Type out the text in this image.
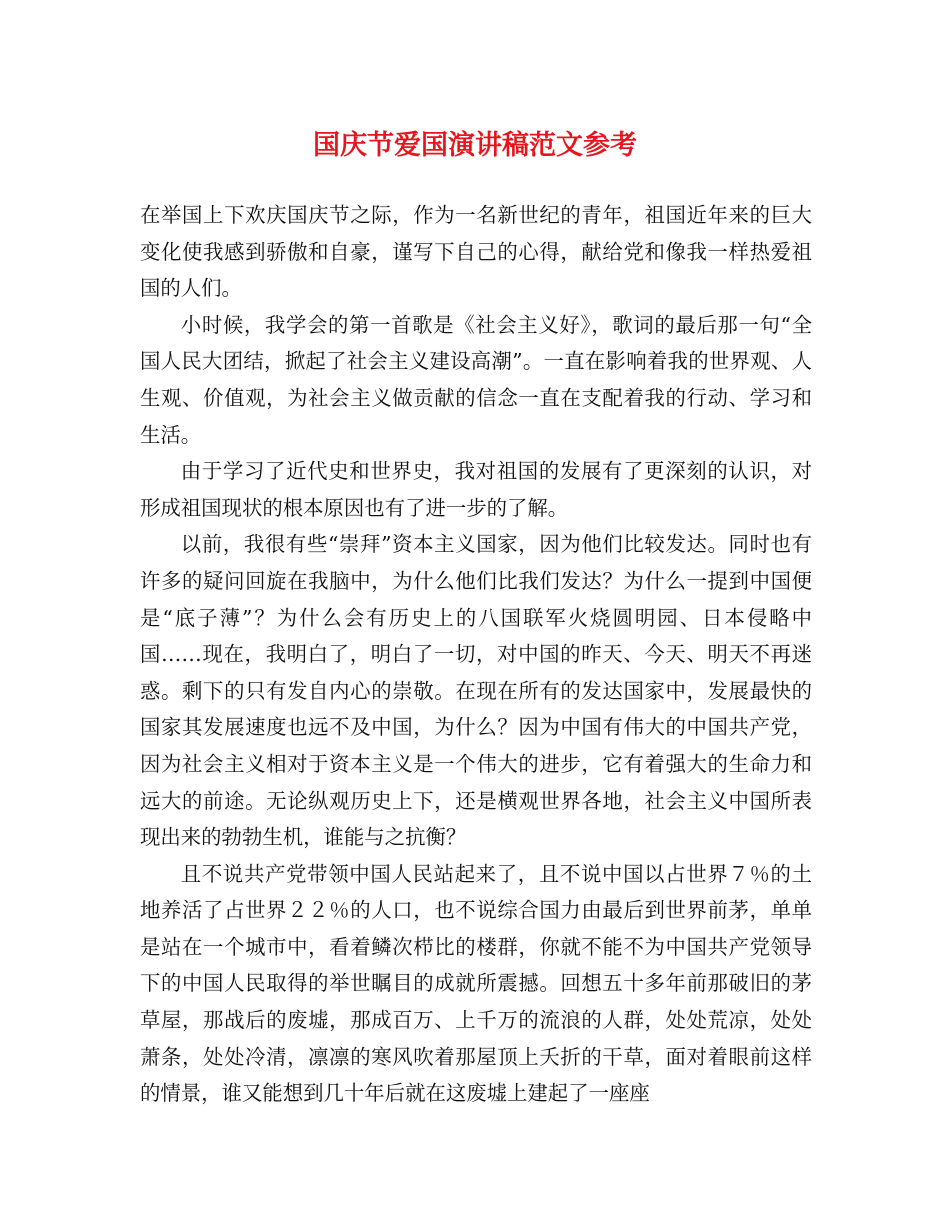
国庆节爱国演讲稿范文参考

在举国上下欢庆国庆节之际，作为一名新世纪的青年，祖国近年来的巨大变化使我感到骄傲和自豪，谨写下自己的心得，献给党和像我一样热爱祖国的人们。

小时候，我学会的第一首歌是《社会主义好》，歌词的最后那一句“全国人民大团结，掀起了社会主义建设高潮”。一直在影响着我的世界观、人生观、价值观，为社会主义做贡献的信念一直在支配着我的行动、学习和生活。

由于学习了近代史和世界史，我对祖国的发展有了更深刻的认识，对形成祖国现状的根本原因也有了进一步的了解。

以前，我很有些“崇拜”资本主义国家，因为他们比较发达。同时也有许多的疑问回旋在我脑中，为什么他们比我们发达？为什么一提到中国便是“底子薄”？为什么会有历史上的八国联军火烧圆明园、日本侵略中国……现在，我明白了，明白了一切，对中国的昨天、今天、明天不再迷惑。剩下的只有发自内心的崇敬。在现在所有的发达国家中，发展最快的国家其发展速度也远不及中国，为什么？因为中国有伟大的中国共产党，因为社会主义相对于资本主义是一个伟大的进步，它有着强大的生命力和远大的前途。无论纵观历史上下，还是横观世界各地，社会主义中国所表现出来的勃勃生机，谁能与之抗衡？

且不说共产党带领中国人民站起来了，且不说中国以占世界７％的土地养活了占世界２２％的人口，也不说综合国力由最后到世界前茅，单单是站在一个城市中，看着鳞次栉比的楼群，你就不能不为中国共产党领导下的中国人民取得的举世瞩目的成就所震撼。回想五十多年前那破旧的茅草屋，那战后的废墟，那成百万、上千万的流浪的人群，处处荒凉，处处萧条，处处冷清，凛凛的寒风吹着那屋顶上夭折的干草，面对着眼前这样的情景，谁又能想到几十年后就在这废墟上建起了一座座
